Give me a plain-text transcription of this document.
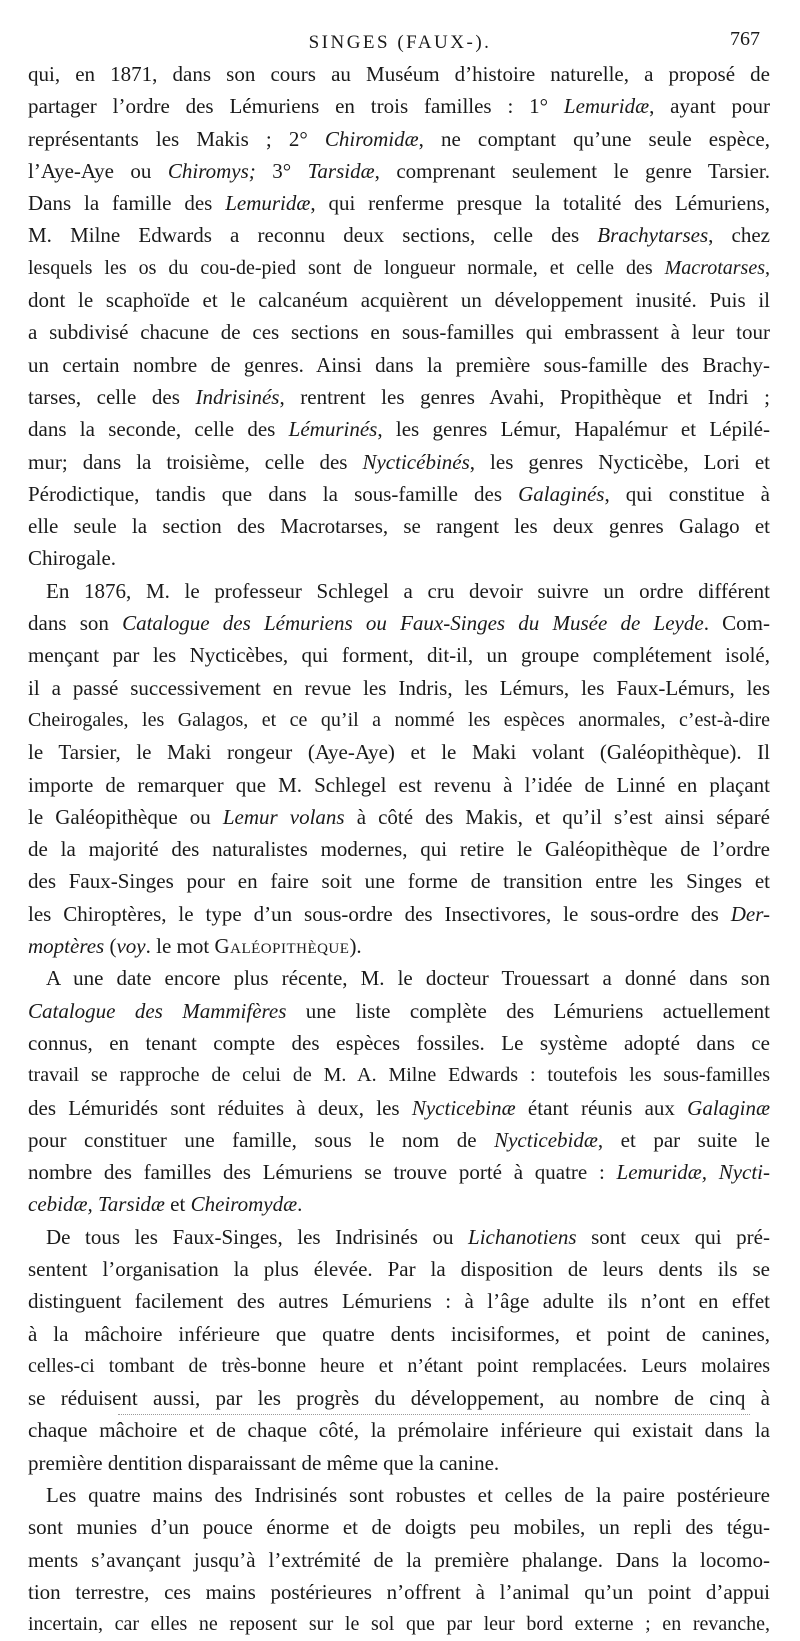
SINGES (FAUX-).	767
qui, en 1871, dans son cours au Muséum d’histoire naturelle, a proposé de
partager l’ordre des Lémuriens en trois familles : 1° Lemuridæ, ayant pour
représentants les Makis ; 2° Chiromidæ, ne comptant qu’une seule espèce,
l’Aye-Aye ou Chiromys; 3° Tarsidæ, comprenant seulement le genre Tarsier.
Dans la famille des Lemuridæ, qui renferme presque la totalité des Lémuriens,
M. Milne Edwards a reconnu deux sections, celle des Brachytarses, chez
lesquels les os du cou-de-pied sont de longueur normale, et celle des Macrotarses,
dont le scaphoïde et le calcanéum acquièrent un développement inusité. Puis il
a subdivisé chacune de ces sections en sous-familles qui embrassent à leur tour
un certain nombre de genres. Ainsi dans la première sous-famille des Brachy-
tarses, celle des Indrisinés, rentrent les genres Avahi, Propithèque et Indri ;
dans la seconde, celle des Lémurinés, les genres Lémur, Hapalémur et Lépilé-
mur; dans la troisième, celle des Nycticébinés, les genres Nycticèbe, Lori et
Pérodictique, tandis que dans la sous-famille des Galaginés, qui constitue à
elle seule la section des Macrotarses, se rangent les deux genres Galago et
Chirogale.
En 1876, M. le professeur Schlegel a cru devoir suivre un ordre différent
dans son Catalogue des Lémuriens ou Faux-Singes du Musée de Leyde. Com-
mençant par les Nycticèbes, qui forment, dit-il, un groupe complétement isolé,
il a passé successivement en revue les Indris, les Lémurs, les Faux-Lémurs, les
Cheirogales, les Galagos, et ce qu’il a nommé les espèces anormales, c’est-à-dire
le Tarsier, le Maki rongeur (Aye-Aye) et le Maki volant (Galéopithèque). Il
importe de remarquer que M. Schlegel est revenu à l’idée de Linné en plaçant
le Galéopithèque ou Lemur volans à côté des Makis, et qu’il s’est ainsi séparé
de la majorité des naturalistes modernes, qui retire le Galéopithèque de l’ordre
des Faux-Singes pour en faire soit une forme de transition entre les Singes et
les Chiroptères, le type d’un sous-ordre des Insectivores, le sous-ordre des Der-
moptères (voy. le mot Galéopithèque).
A une date encore plus récente, M. le docteur Trouessart a donné dans son
Catalogue des Mammifères une liste complète des Lémuriens actuellement
connus, en tenant compte des espèces fossiles. Le système adopté dans ce
travail se rapproche de celui de M. A. Milne Edwards : toutefois les sous-familles
des Lémuridés sont réduites à deux, les Nycticebinæ étant réunis aux Galaginæ
pour constituer une famille, sous le nom de Nycticebidæ, et par suite le
nombre des familles des Lémuriens se trouve porté à quatre : Lemuridæ, Nycti-
cebidæ, Tarsidæ et Cheiromydæ.
De tous les Faux-Singes, les Indrisinés ou Lichanotiens sont ceux qui pré-
sentent l’organisation la plus élevée. Par la disposition de leurs dents ils se
distinguent facilement des autres Lémuriens : à l’âge adulte ils n’ont en effet
à la mâchoire inférieure que quatre dents incisiformes, et point de canines,
celles-ci tombant de très-bonne heure et n’étant point remplacées. Leurs molaires
se réduisent aussi, par les progrès du développement, au nombre de cinq à
chaque mâchoire et de chaque côté, la prémolaire inférieure qui existait dans la
première dentition disparaissant de même que la canine.
Les quatre mains des Indrisinés sont robustes et celles de la paire postérieure
sont munies d’un pouce énorme et de doigts peu mobiles, un repli des tégu-
ments s’avançant jusqu’à l’extrémité de la première phalange. Dans la locomo-
tion terrestre, ces mains postérieures n’offrent à l’animal qu’un point d’appui
incertain, car elles ne reposent sur le sol que par leur bord externe ; en revanche,
